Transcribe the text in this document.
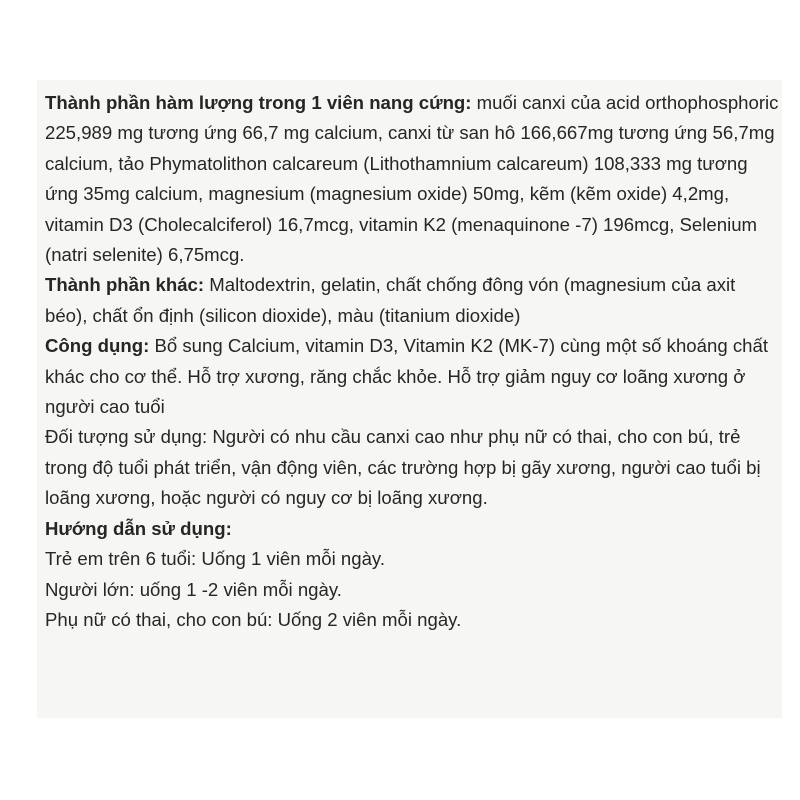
Thành phần hàm lượng trong 1 viên nang cứng: muối canxi của acid orthophosphoric 225,989 mg tương ứng 66,7 mg calcium, canxi từ san hô 166,667mg tương ứng 56,7mg calcium, tảo Phymatolithon calcareum (Lithothamnium calcareum) 108,333 mg tương ứng 35mg calcium, magnesium (magnesium oxide) 50mg, kẽm (kẽm oxide) 4,2mg, vitamin D3 (Cholecalciferol) 16,7mcg, vitamin K2 (menaquinone -7) 196mcg, Selenium (natri selenite) 6,75mcg.

Thành phần khác: Maltodextrin, gelatin, chất chống đông vón (magnesium của axit béo), chất ổn định (silicon dioxide), màu (titanium dioxide)

Công dụng: Bổ sung Calcium, vitamin D3, Vitamin K2 (MK-7) cùng một số khoáng chất khác cho cơ thể. Hỗ trợ xương, răng chắc khỏe. Hỗ trợ giảm nguy cơ loãng xương ở người cao tuổi

Đối tượng sử dụng: Người có nhu cầu canxi cao như phụ nữ có thai, cho con bú, trẻ trong độ tuổi phát triển, vận động viên, các trường hợp bị gãy xương, người cao tuổi bị loãng xương, hoặc người có nguy cơ bị loãng xương.

Hướng dẫn sử dụng:

Trẻ em trên 6 tuổi: Uống 1 viên mỗi ngày.

Người lớn: uống 1 -2 viên mỗi ngày.

Phụ nữ có thai, cho con bú: Uống 2 viên mỗi ngày.
